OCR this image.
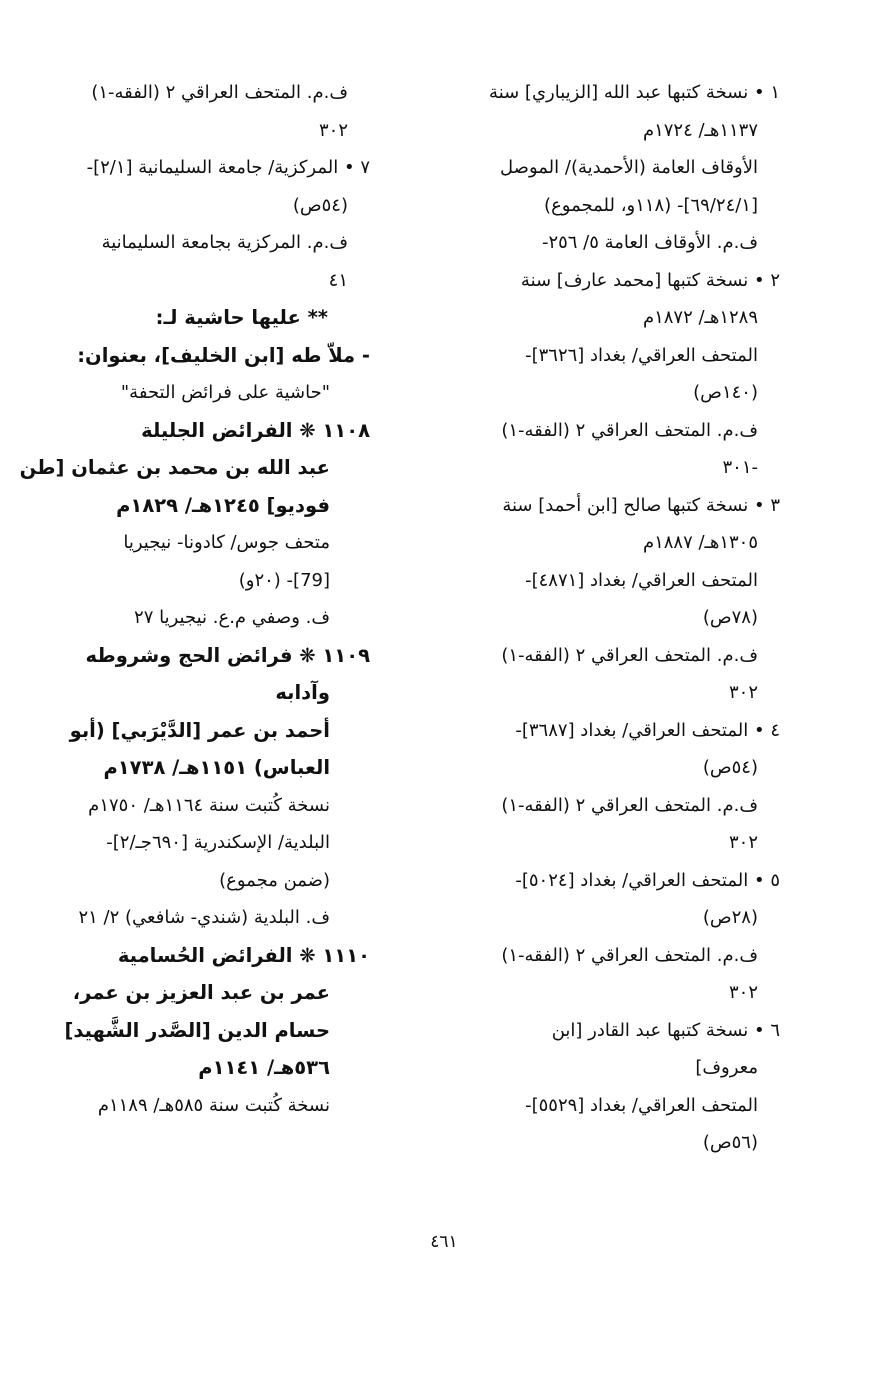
١ • نسخة كتبها عبد الله [الزيباري] سنة
١١٣٧هـ/ ١٧٢٤م
الأوقاف العامة (الأحمدية)/ الموصل
[٦٩/٢٤/١]- (١١٨و، للمجموع)
ف.م. الأوقاف العامة ٥/ ٢٥٦-
٢ • نسخة كتبها [محمد عارف] سنة
١٢٨٩هـ/ ١٨٧٢م
المتحف العراقي/ بغداد [٣٦٢٦]-
(١٤٠ص)
ف.م. المتحف العراقي ٢ (الفقه-١)
-٣٠١
٣ • نسخة كتبها صالح [ابن أحمد] سنة
١٣٠٥هـ/ ١٨٨٧م
المتحف العراقي/ بغداد [٤٨٧١]-
(٧٨ص)
ف.م. المتحف العراقي ٢ (الفقه-١)
٣٠٢
٤ • المتحف العراقي/ بغداد [٣٦٨٧]-
(٥٤ص)
ف.م. المتحف العراقي ٢ (الفقه-١)
٣٠٢
٥ • المتحف العراقي/ بغداد [٥٠٢٤]-
(٢٨ص)
ف.م. المتحف العراقي ٢ (الفقه-١)
٣٠٢
٦ • نسخة كتبها عبد القادر [ابن
معروف]
المتحف العراقي/ بغداد [٥٥٢٩]-
(٥٦ص)
ف.م. المتحف العراقي ٢ (الفقه-١)
٣٠٢
٧ • المركزية/ جامعة السليمانية [٢/١]-
(٥٤ص)
ف.م. المركزية بجامعة السليمانية
٤١
** عليها حاشية لـ:
- ملاّ طه [ابن الخليف]، بعنوان:
"حاشية على فرائض التحفة"
١١٠٨ ❋ الفرائض الجليلة
عبد الله بن محمد بن عثمان [طن
فوديو] ١٢٤٥هـ/ ١٨٢٩م
متحف جوس/ كادونا- نيجيريا
[79]- (٢٠و)
ف. وصفي م.ع. نيجيريا ٢٧
١١٠٩ ❋ فرائض الحج وشروطه
وآدابه
أحمد بن عمر [الدَّيْرَبي] (أبو
العباس) ١١٥١هـ/ ١٧٣٨م
نسخة كُتبت سنة ١١٦٤هـ/ ١٧٥٠م
البلدية/ الإسكندرية [٦٩٠جـ/٢]-
(ضمن مجموع)
ف. البلدية (شندي- شافعي) ٢/ ٢١
١١١٠ ❋ الفرائض الحُسامية
عمر بن عبد العزيز بن عمر،
حسام الدين [الصَّدر الشَّهيد]
٥٣٦هـ/ ١١٤١م
نسخة كُتبت سنة ٥٨٥هـ/ ١١٨٩م
٤٦١
